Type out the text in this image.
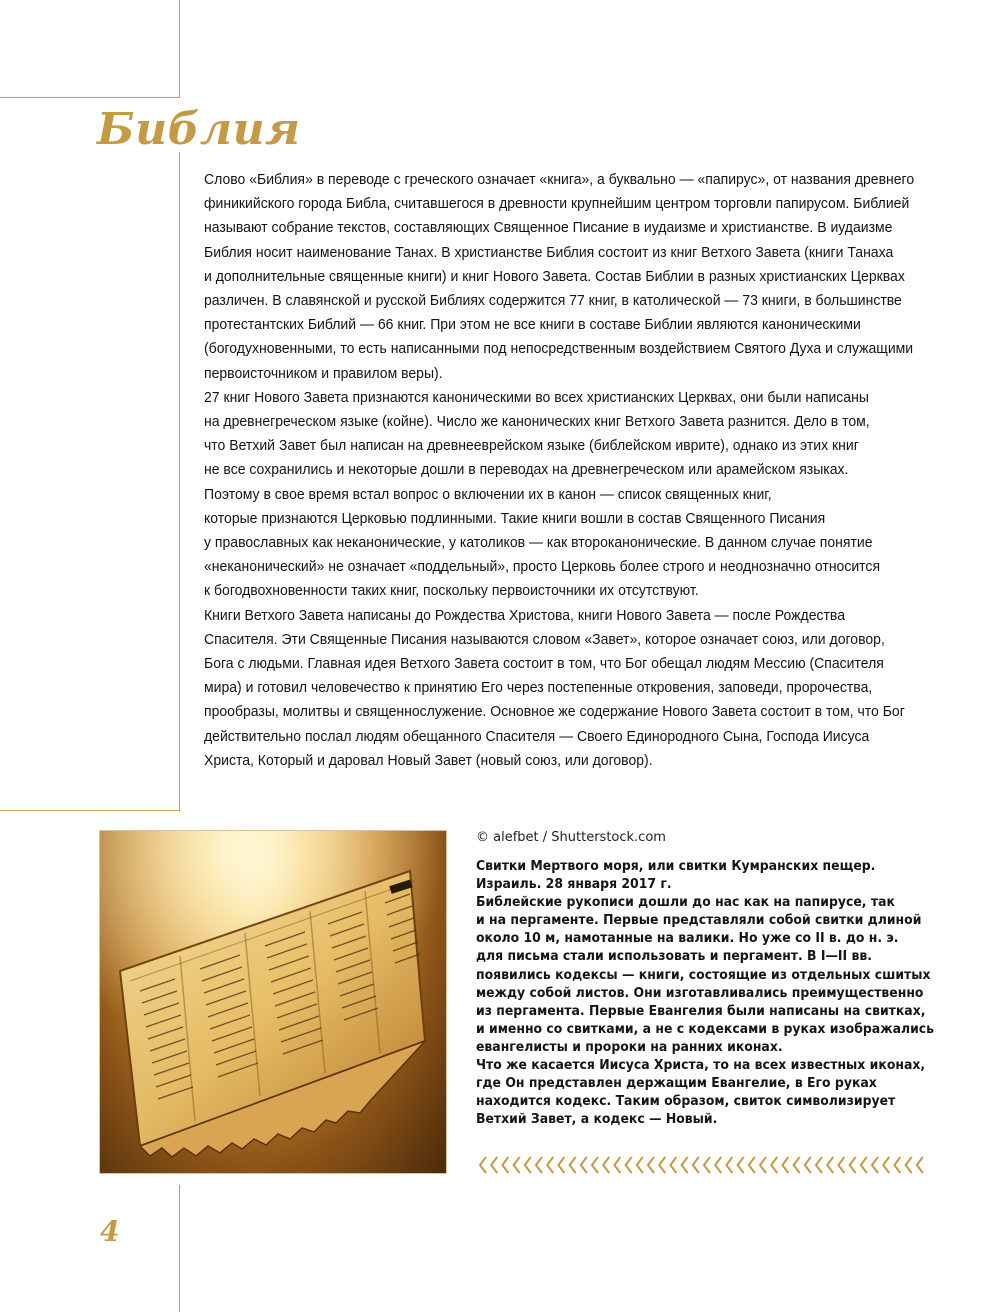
Библия

Слово «Библия» в переводе с греческого означает «книга», а буквально — «папирус», от названия древнего
финикийского города Библа, считавшегося в древности крупнейшим центром торговли папирусом. Библией
называют собрание текстов, составляющих Священное Писание в иудаизме и христианстве. В иудаизме
Библия носит наименование Танах. В христианстве Библия состоит из книг Ветхого Завета (книги Танаха
и дополнительные священные книги) и книг Нового Завета. Состав Библии в разных христианских Церквах
различен. В славянской и русской Библиях содержится 77 книг, в католической — 73 книги, в большинстве
протестантских Библий — 66 книг. При этом не все книги в составе Библии являются каноническими
(богодухновенными, то есть написанными под непосредственным воздействием Святого Духа и служащими
первоисточником и правилом веры).

27 книг Нового Завета признаются каноническими во всех христианских Церквах, они были написаны
на древнегреческом языке (койне). Число же канонических книг Ветхого Завета разнится. Дело в том,
что Ветхий Завет был написан на древнееврейском языке (библейском иврите), однако из этих книг
не все сохранились и некоторые дошли в переводах на древнегреческом или арамейском языках.
Поэтому в свое время встал вопрос о включении их в канон — список священных книг,
которые признаются Церковью подлинными. Такие книги вошли в состав Священного Писания
у православных как неканонические, у католиков — как второканонические. В данном случае понятие
«неканонический» не означает «поддельный», просто Церковь более строго и неоднозначно относится
к богодвохновенности таких книг, поскольку первоисточники их отсутствуют.

Книги Ветхого Завета написаны до Рождества Христова, книги Нового Завета — после Рождества
Спасителя. Эти Священные Писания называются словом «Завет», которое означает союз, или договор,
Бога с людьми. Главная идея Ветхого Завета состоит в том, что Бог обещал людям Мессию (Спасителя
мира) и готовил человечество к принятию Его через постепенные откровения, заповеди, пророчества,
прообразы, молитвы и священнослужение. Основное же содержание Нового Завета состоит в том, что Бог
действительно послал людям обещанного Спасителя — Своего Единородного Сына, Господа Иисуса
Христа, Который и даровал Новый Завет (новый союз, или договор).

© alefbet / Shutterstock.com
Свитки Мертвого моря, или свитки Кумранских пещер.
Израиль. 28 января 2017 г.
Библейские рукописи дошли до нас как на папирусе, так
и на пергаменте. Первые представляли собой свитки длиной
около 10 м, намотанные на валики. Но уже со II в. до н. э.
для письма стали использовать и пергамент. В I—II вв.
появились кодексы — книги, состоящие из отдельных сшитых
между собой листов. Они изготавливались преимущественно
из пергамента. Первые Евангелия были написаны на свитках,
и именно со свитками, а не с кодексами в руках изображались
евангелисты и пророки на ранних иконах.
Что же касается Иисуса Христа, то на всех известных иконах,
где Он представлен держащим Евангелие, в Его руках
находится кодекс. Таким образом, свиток символизирует
Ветхий Завет, а кодекс — Новый.
4
